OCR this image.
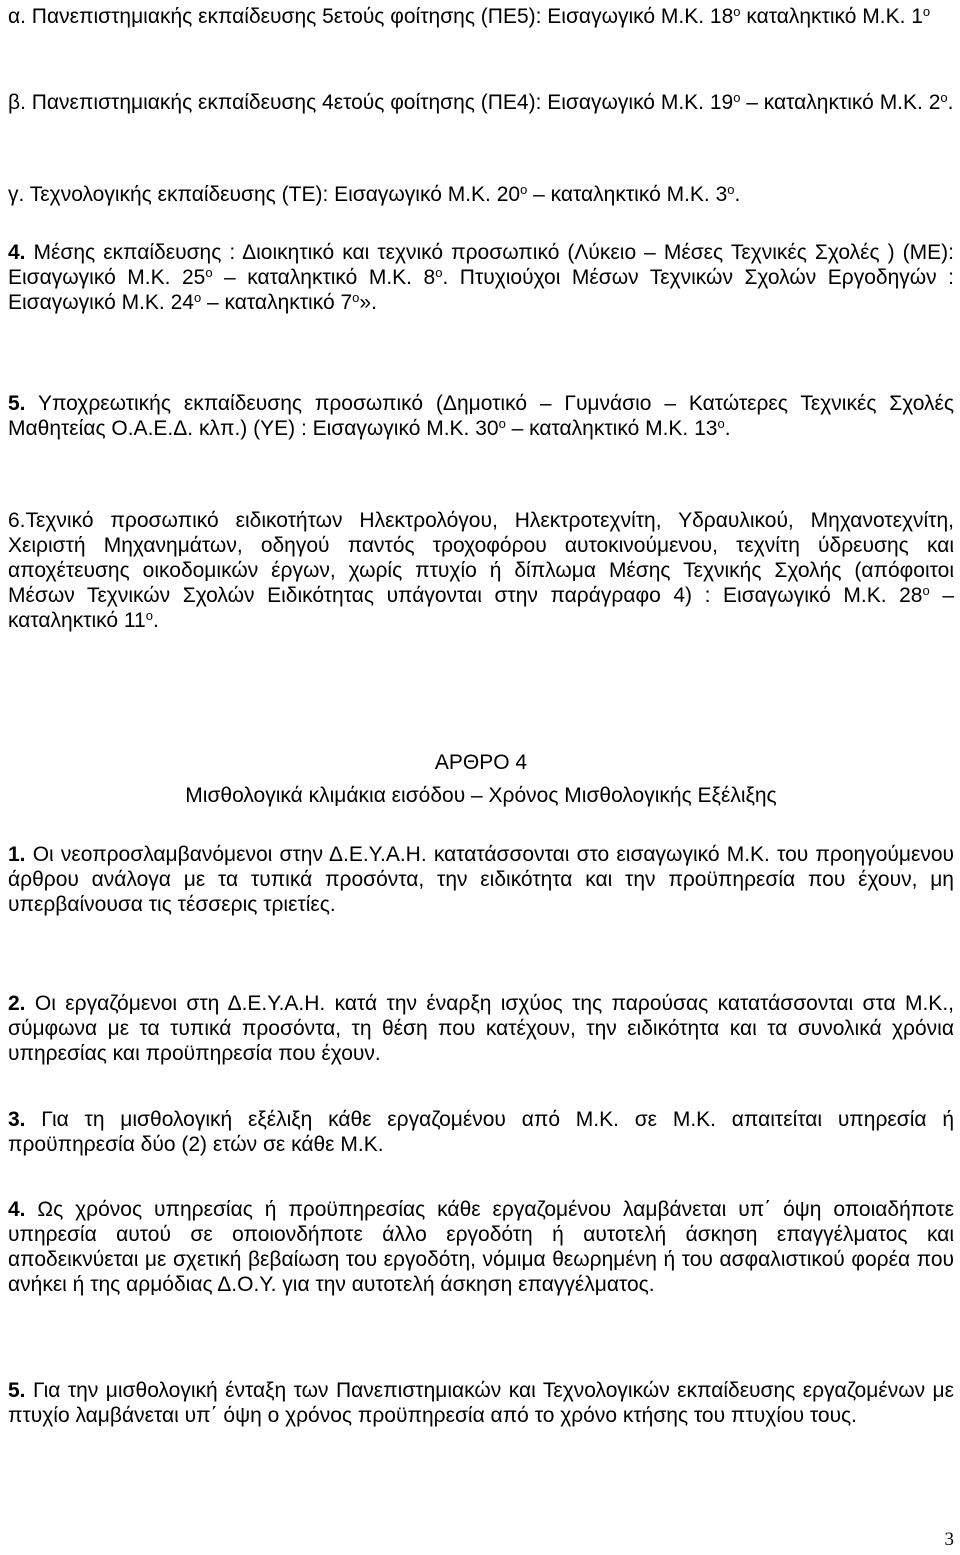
α. Πανεπιστημιακής εκπαίδευσης 5ετούς φοίτησης (ΠΕ5): Εισαγωγικό Μ.Κ. $18^o$ καταληκτικό Μ.Κ. $1^o$

β. Πανεπιστημιακής εκπαίδευσης 4ετούς φοίτησης (ΠΕ4): Εισαγωγικό Μ.Κ. $19^o$ – καταληκτικό Μ.Κ. $2^o$.

γ. Τεχνολογικής εκπαίδευσης (ΤΕ): Εισαγωγικό Μ.Κ. $20^o$ – καταληκτικό Μ.Κ. $3^o$.

4. Μέσης εκπαίδευσης : Διοικητικό και τεχνικό προσωπικό (Λύκειο – Μέσες Τεχνικές Σχολές ) (ΜΕ): Εισαγωγικό Μ.Κ. $25^o$ – καταληκτικό Μ.Κ. $8^o$. Πτυχιούχοι Μέσων Τεχνικών Σχολών Εργοδηγών : Εισαγωγικό Μ.Κ. $24^o$ – καταληκτικό $7^o$».

5. Υποχρεωτικής εκπαίδευσης προσωπικό (Δημοτικό – Γυμνάσιο – Κατώτερες Τεχνικές Σχολές Μαθητείας Ο.Α.Ε.Δ. κλπ.) (ΥΕ) : Εισαγωγικό Μ.Κ. $30^o$ – καταληκτικό Μ.Κ. $13^o$.

6.Τεχνικό προσωπικό ειδικοτήτων Ηλεκτρολόγου, Ηλεκτροτεχνίτη, Υδραυλικού, Μηχανοτεχνίτη, Χειριστή Μηχανημάτων, οδηγού παντός τροχοφόρου αυτοκινούμενου, τεχνίτη ύδρευσης και αποχέτευσης οικοδομικών έργων, χωρίς πτυχίο ή δίπλωμα Μέσης Τεχνικής Σχολής (απόφοιτοι Μέσων Τεχνικών Σχολών Ειδικότητας υπάγονται στην παράγραφο 4) : Εισαγωγικό Μ.Κ. $28^o$ – καταληκτικό $11^o$.

ΑΡΘΡΟ 4

Μισθολογικά κλιμάκια εισόδου – Χρόνος Μισθολογικής Εξέλιξης

1. Οι νεοπροσλαμβανόμενοι στην Δ.Ε.Υ.Α.Η. κατατάσσονται στο εισαγωγικό Μ.Κ. του προηγούμενου άρθρου ανάλογα με τα τυπικά προσόντα, την ειδικότητα και την προϋπηρεσία που έχουν, μη υπερβαίνουσα τις τέσσερις τριετίες.

2. Οι εργαζόμενοι στη Δ.Ε.Υ.Α.Η. κατά την έναρξη ισχύος της παρούσας κατατάσσονται στα Μ.Κ., σύμφωνα με τα τυπικά προσόντα, τη θέση που κατέχουν, την ειδικότητα και τα συνολικά χρόνια υπηρεσίας και προϋπηρεσία που έχουν.

3. Για τη μισθολογική εξέλιξη κάθε εργαζομένου από Μ.Κ. σε Μ.Κ. απαιτείται υπηρεσία ή προϋπηρεσία δύο (2) ετών σε κάθε Μ.Κ.

4. Ως χρόνος υπηρεσίας ή προϋπηρεσίας κάθε εργαζομένου λαμβάνεται υπ΄ όψη οποιαδήποτε υπηρεσία αυτού σε οποιονδήποτε άλλο εργοδότη ή αυτοτελή άσκηση επαγγέλματος και αποδεικνύεται με σχετική βεβαίωση του εργοδότη, νόμιμα θεωρημένη ή του ασφαλιστικού φορέα που ανήκει ή της αρμόδιας Δ.Ο.Υ. για την αυτοτελή άσκηση επαγγέλματος.

5. Για την μισθολογική ένταξη των Πανεπιστημιακών και Τεχνολογικών εκπαίδευσης εργαζομένων με πτυχίο λαμβάνεται υπ΄ όψη ο χρόνος προϋπηρεσία από το χρόνο κτήσης του πτυχίου τους.

3
